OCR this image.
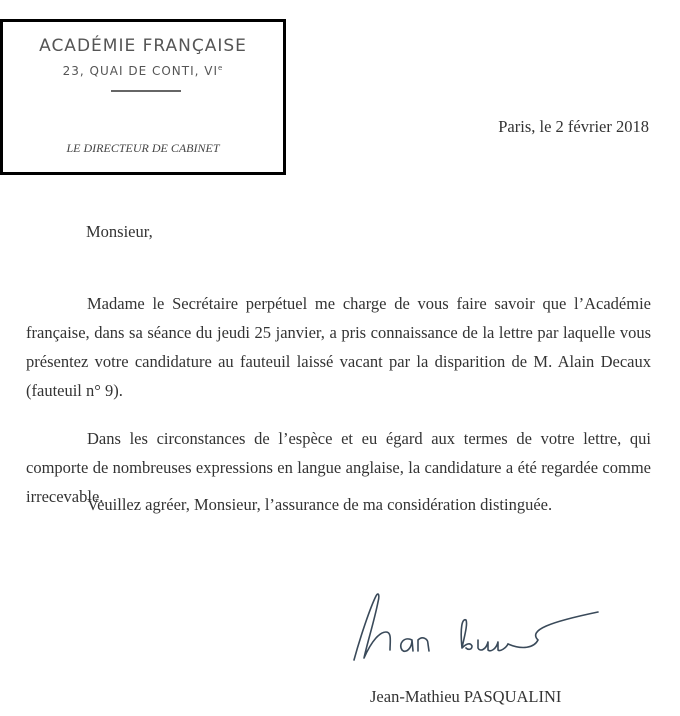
ACADÉMIE FRANÇAISE
23, QUAI DE CONTI, VIe
LE DIRECTEUR DE CABINET
Paris, le 2 février 2018
Monsieur,

Madame le Secrétaire perpétuel me charge de vous faire savoir que l’Académie française, dans sa séance du jeudi 25 janvier, a pris connaissance de la lettre par laquelle vous présentez votre candidature au fauteuil laissé vacant par la disparition de M. Alain Decaux (fauteuil n° 9).

Dans les circonstances de l’espèce et eu égard aux termes de votre lettre, qui comporte de nombreuses expressions en langue anglaise, la candidature a été regardée comme irrecevable.

Veuillez agréer, Monsieur, l’assurance de ma considération distinguée.

Jean-Mathieu PASQUALINI
